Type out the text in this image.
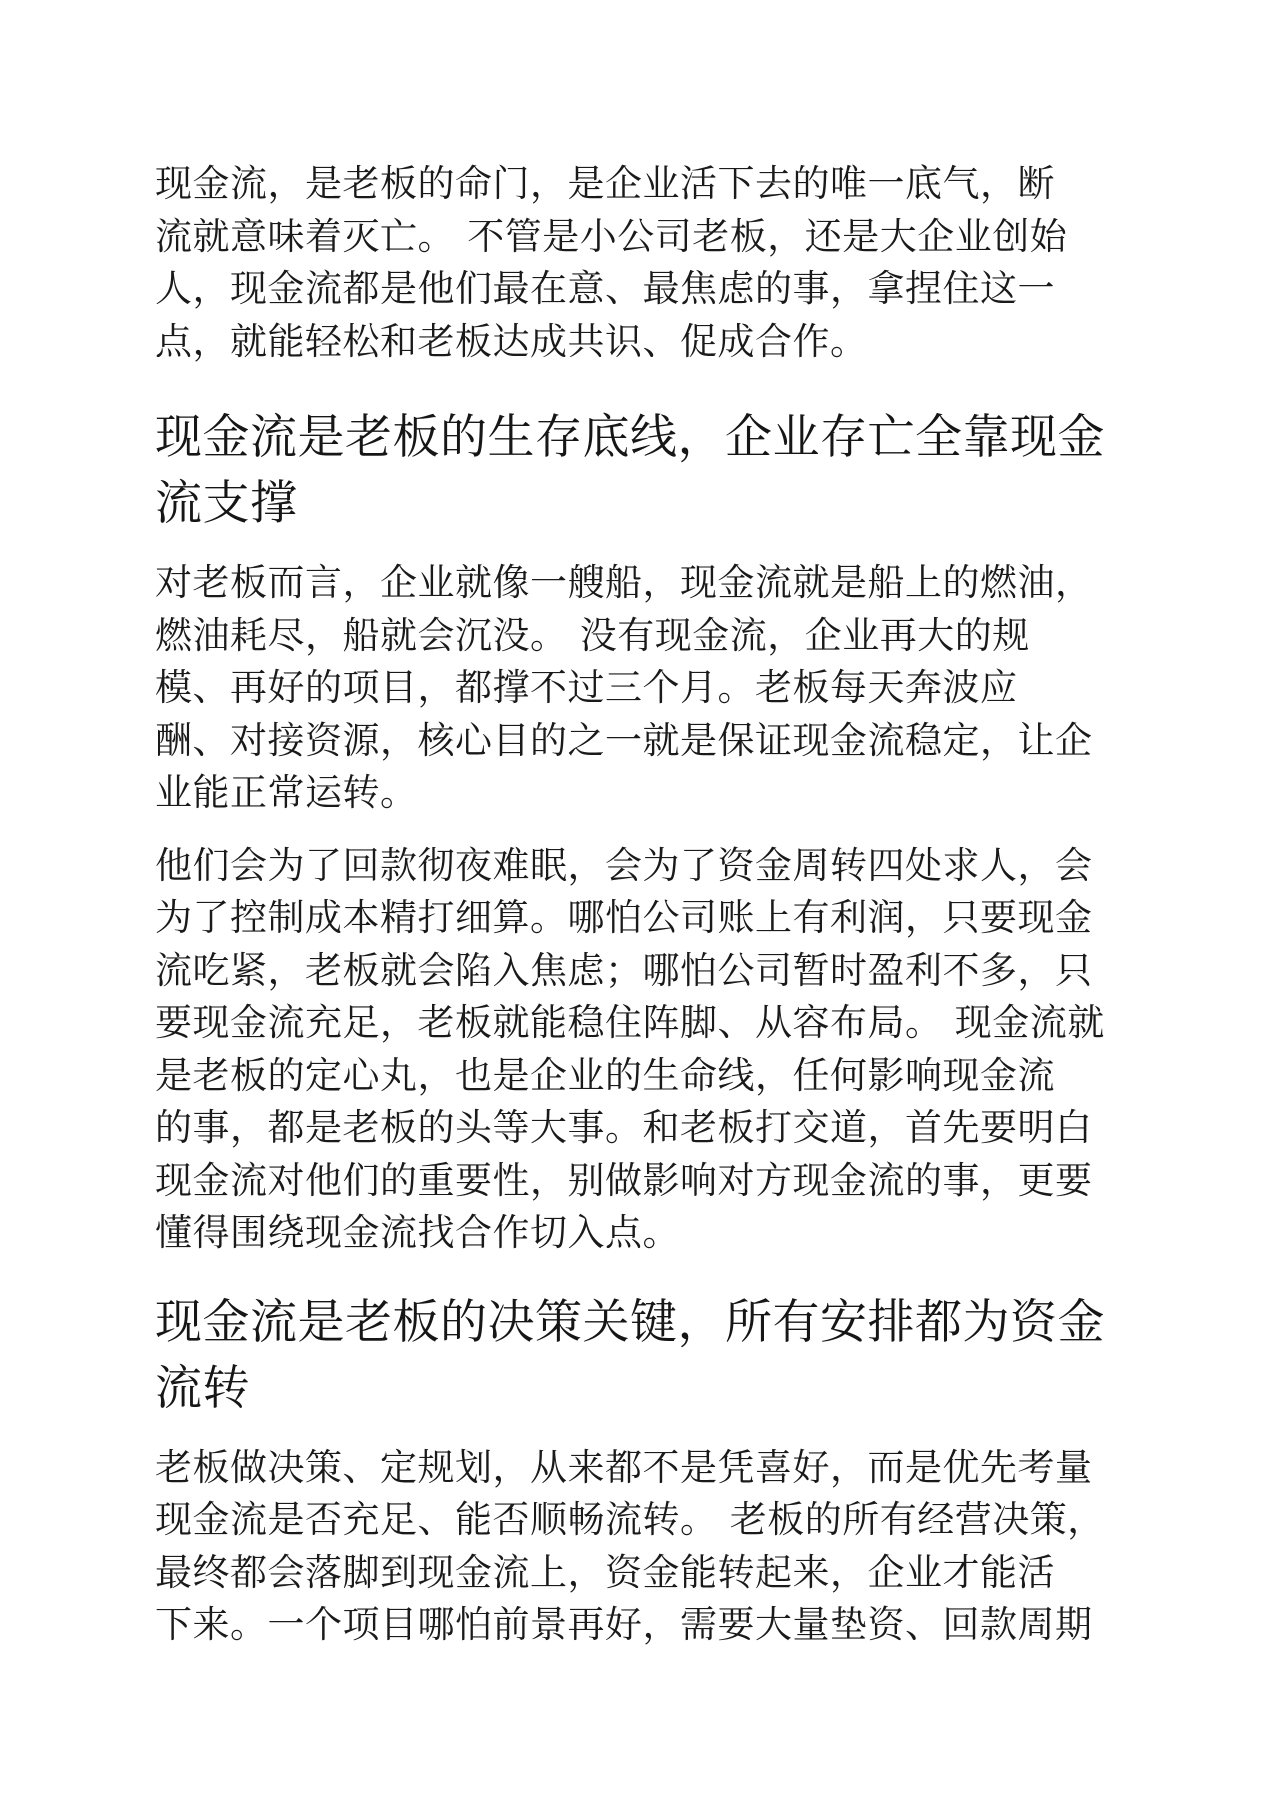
现金流，是老板的命门，是企业活下去的唯一底气，断
流就意味着灭亡。 不管是小公司老板，还是大企业创始
人，现金流都是他们最在意、最焦虑的事，拿捏住这一
点，就能轻松和老板达成共识、促成合作。

现金流是老板的生存底线，企业存亡全靠现金
流支撑

对老板而言，企业就像一艘船，现金流就是船上的燃油，
燃油耗尽，船就会沉没。 没有现金流，企业再大的规
模、再好的项目，都撑不过三个月。老板每天奔波应
酬、对接资源，核心目的之一就是保证现金流稳定，让企
业能正常运转。

他们会为了回款彻夜难眠，会为了资金周转四处求人，会
为了控制成本精打细算。哪怕公司账上有利润，只要现金
流吃紧，老板就会陷入焦虑；哪怕公司暂时盈利不多，只
要现金流充足，老板就能稳住阵脚、从容布局。 现金流就
是老板的定心丸，也是企业的生命线，任何影响现金流
的事，都是老板的头等大事。和老板打交道，首先要明白
现金流对他们的重要性，别做影响对方现金流的事，更要
懂得围绕现金流找合作切入点。

现金流是老板的决策关键，所有安排都为资金
流转

老板做决策、定规划，从来都不是凭喜好，而是优先考量
现金流是否充足、能否顺畅流转。 老板的所有经营决策，
最终都会落脚到现金流上，资金能转起来，企业才能活
下来。一个项目哪怕前景再好，需要大量垫资、回款周期
